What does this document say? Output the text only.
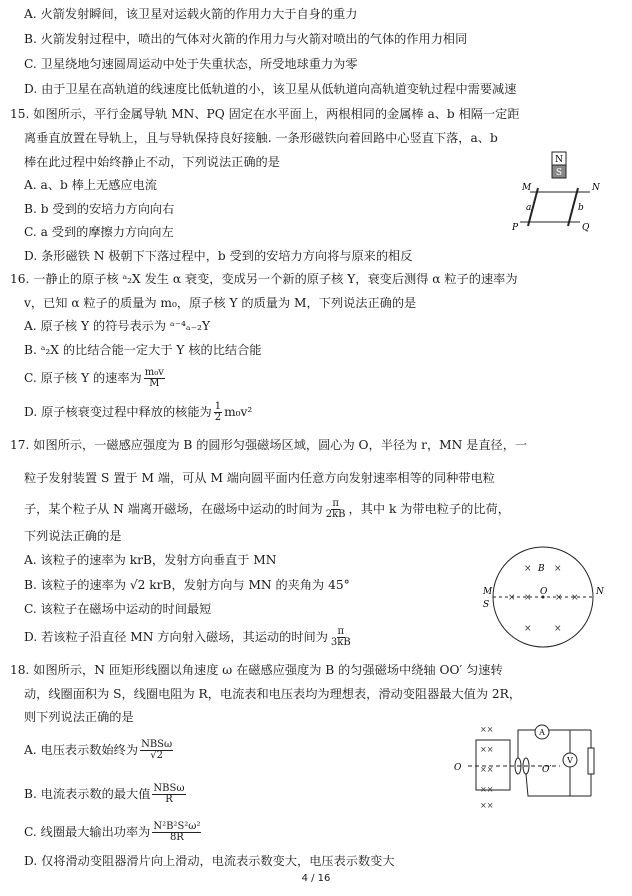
A. 火箭发射瞬间，该卫星对运载火箭的作用力大于自身的重力
B. 火箭发射过程中，喷出的气体对火箭的作用力与火箭对喷出的气体的作用力相同
C. 卫星绕地匀速圆周运动中处于失重状态，所受地球重力为零
D. 由于卫星在高轨道的线速度比低轨道的小，该卫星从低轨道向高轨道变轨过程中需要减速
15. 如图所示，平行金属导轨 MN、PQ 固定在水平面上，两根相同的金属棒 a、b 相隔一定距
离垂直放置在导轨上，且与导轨保持良好接触. 一条形磁铁向着回路中心竖直下落，a、b
棒在此过程中始终静止不动，下列说法正确的是
A. a、b 棒上无感应电流
B. b 受到的安培力方向向右
C. a 受到的摩擦力方向向左
D. 条形磁铁 N 极朝下下落过程中，b 受到的安培力方向将与原来的相反
N
S
M	N
P	Q
a	b
16. 一静止的原子核 ᵃ₂X 发生 α 衰变，变成另一个新的原子核 Y，衰变后测得 α 粒子的速率为
v，已知 α 粒子的质量为 m₀，原子核 Y 的质量为 M，下列说法正确的是
A. 原子核 Y 的符号表示为 ᵃ⁻⁴ₐ₋₂Y
B. ᵃ₂X 的比结合能一定大于 Y 核的比结合能
C. 原子核 Y 的速率为 $\frac{\text{m₀v}}{M}$
D. 原子核衰变过程中释放的核能为 $\frac{1}{2} m_0v^2$
17. 如图所示，一磁感应强度为 B 的圆形匀强磁场区域，圆心为 O，半径为 r，MN 是直径，一
粒子发射装置 S 置于 M 端，可从 M 端向圆平面内任意方向发射速率相等的同种带电粒
子，某个粒子从 N 端离开磁场，在磁场中运动的时间为 $\frac{\pi}{2kB}$ ，其中 k 为带电粒子的比荷，
下列说法正确的是
A. 该粒子的速率为 krB，发射方向垂直于 MN
B. 该粒子的速率为 √2 krB，发射方向与 MN 的夹角为 45°
C. 该粒子在磁场中运动的时间最短
D. 若该粒子沿直径 MN 方向射入磁场，其运动的时间为 $\frac{\pi}{3kB}$
× ×
× ×	× ×
× ×
B
O
M	N
S
18. 如图所示，N 匝矩形线圈以角速度 ω 在磁感应强度为 B 的匀强磁场中绕轴 OO′ 匀速转
动，线圈面积为 S，线圈电阻为 R，电流表和电压表均为理想表，滑动变阻器最大值为 2R，
则下列说法正确的是
A. 电压表示数始终为 $\frac{\text{NBSω}}{√2}$
B. 电流表示数的最大值 $\frac{\text{NBSω}}{R}$
C. 线圈最大输出功率为 $\frac{\text{N²B²S²ω²}}{8R}$
D. 仅将滑动变阻器滑片向上滑动，电流表示数变大，电压表示数变大
××
××
××
××
××
A
V
O	O′
4 / 16
